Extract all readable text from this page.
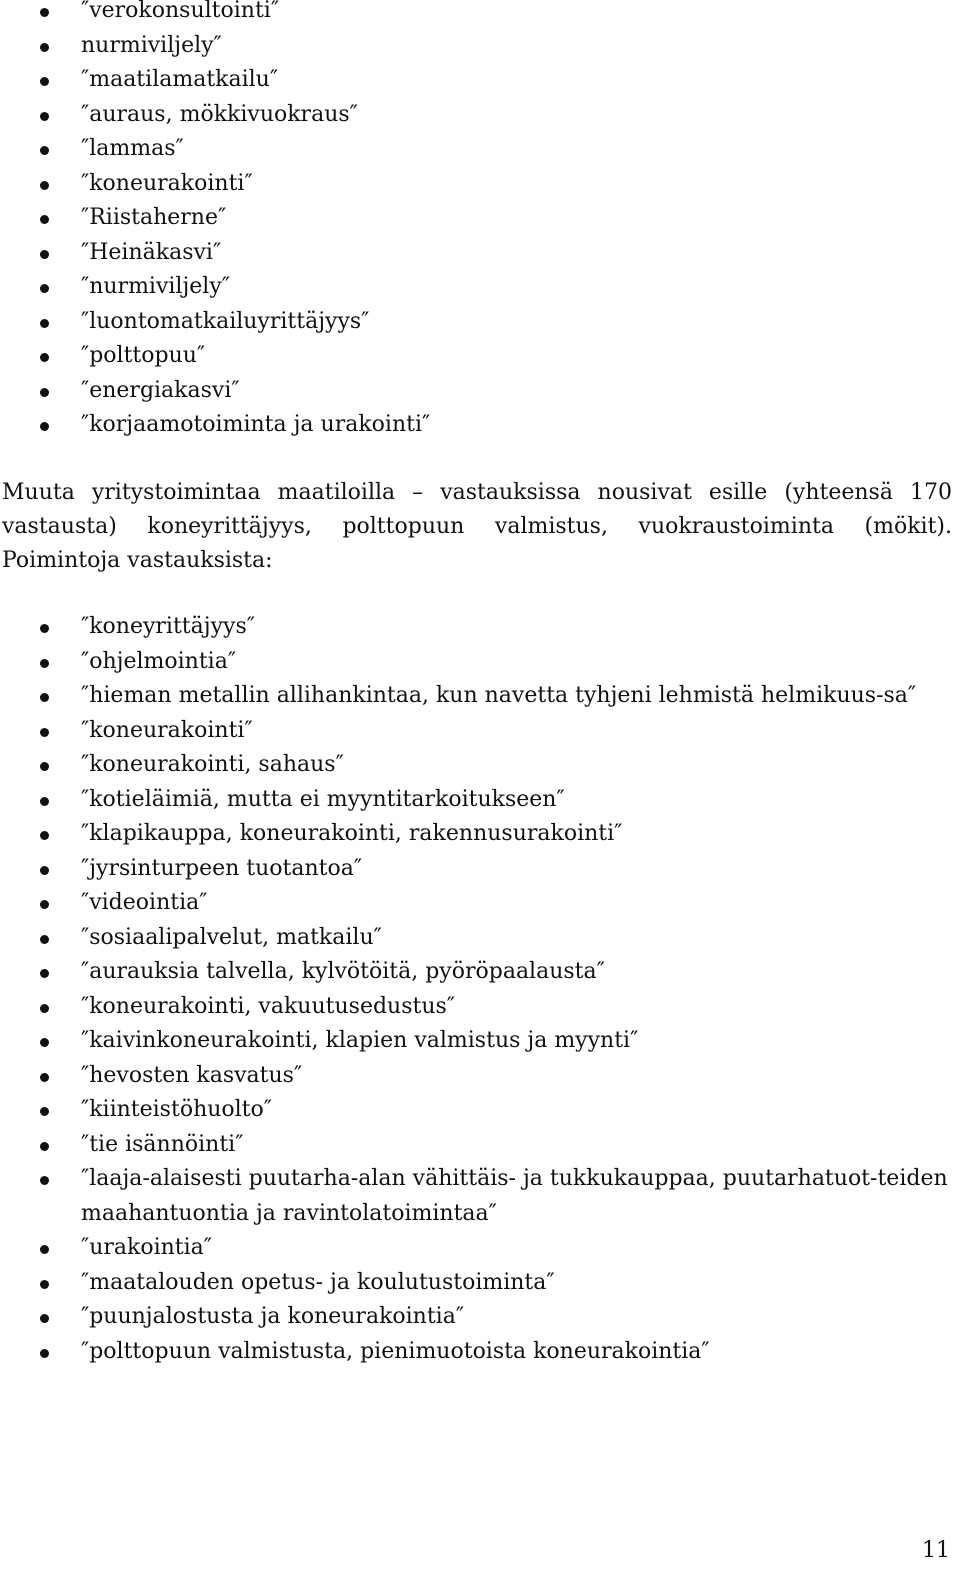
″verokonsultointi″
nurmiviljely″
″maatilamatkailu″
″auraus, mökkivuokraus″
″lammas″
″koneurakointi″
″Riistaherne″
″Heinäkasvi″
″nurmiviljely″
″luontomatkailuyrittäjyys″
″polttopuu″
″energiakasvi″
″korjaamotoiminta ja urakointi″
Muuta yritystoimintaa maatiloilla – vastauksissa nousivat esille (yhteensä 170
vastausta) koneyrittäjyys, polttopuun valmistus, vuokraustoiminta (mökit).
Poimintoja vastauksista:
″koneyrittäjyys″
″ohjelmointia″
″hieman metallin allihankintaa, kun navetta tyhjeni lehmistä helmikuus-sa″
″koneurakointi″
″koneurakointi, sahaus″
″kotieläimiä, mutta ei myyntitarkoitukseen″
″klapikauppa, koneurakointi, rakennusurakointi″
″jyrsinturpeen tuotantoa″
″videointia″
″sosiaalipalvelut, matkailu″
″aurauksia talvella, kylvötöitä, pyöröpaalausta″
″koneurakointi, vakuutusedustus″
″kaivinkoneurakointi, klapien valmistus ja myynti″
″hevosten kasvatus″
″kiinteistöhuolto″
″tie isännöinti″
″laaja-alaisesti puutarha-alan vähittäis- ja tukkukauppaa, puutarhatuot-teiden maahantuontia ja ravintolatoimintaa″
″urakointia″
″maatalouden opetus- ja koulutustoiminta″
″puunjalostusta ja koneurakointia″
″polttopuun valmistusta, pienimuotoista koneurakointia″
11
